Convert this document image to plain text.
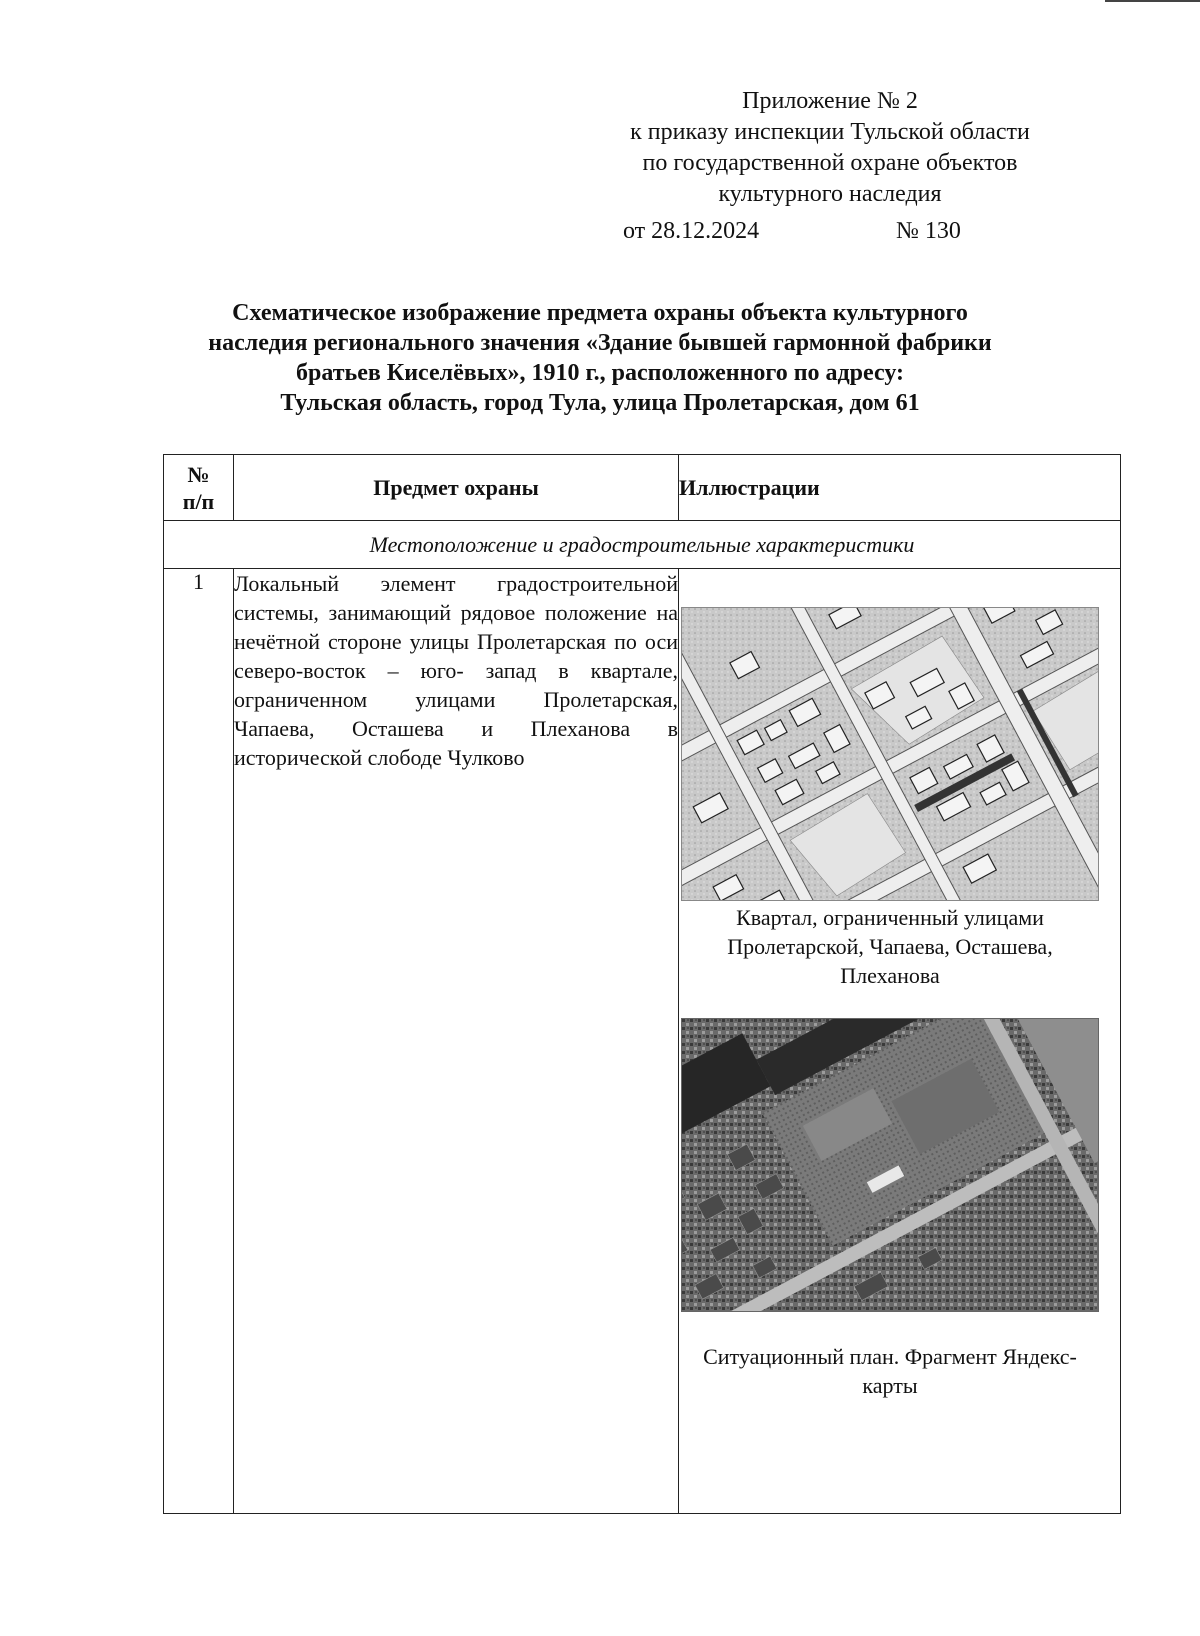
Приложение № 2
к приказу инспекции Тульской области
по государственной охране объектов
культурного наследия
от 28.12.2024	№ 130
Схематическое изображение предмета охраны объекта культурного
наследия регионального значения «Здание бывшей гармонной фабрики
братьев Киселёвых», 1910 г., расположенного по адресу:
Тульская область, город Тула, улица Пролетарская, дом 61
№
п/п	Предмет охраны	Иллюстрации
Местоположение и градостроительные характеристики		
1	Локальный элемент градостроительной системы, занимающий рядовое положение на нечётной стороне улицы Пролетарская по оси северо-восток – юго- запад в квартале, ограниченном улицами Пролетарская, Чапаева, Осташева и Плеханова в исторической слободе Чулково	Квартал, ограниченный улицами Пролетарской, Чапаева, Осташева, Плеханова
Ситуационный план. Фрагмент Яндекс-карты
